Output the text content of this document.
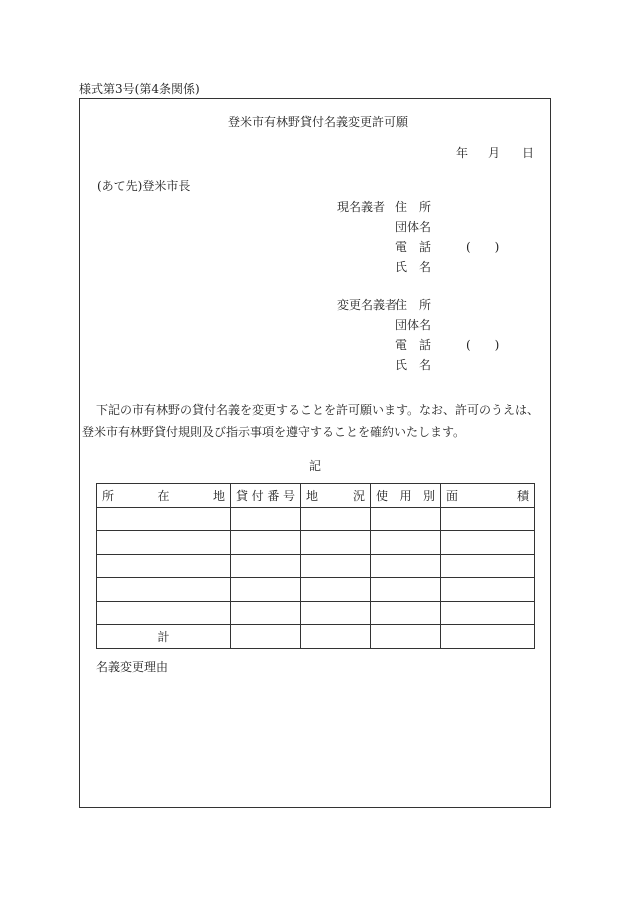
様式第3号(第4条関係)
登米市有林野貸付名義変更許可願
年 月 日
(あて先)登米市長
現名義者 住　所
団体名
電　話	(　　)
氏　名
変更名義者
住　所
団体名
電　話	(　　)
氏　名
下記の市有林野の貸付名義を変更することを許可願います。なお、許可のうえは、登米市有林野貸付規則及び指示事項を遵守することを確約いたします。
記
所 在 地	貸 付 番 号	地 況	使 用 別	面 積

計				
名義変更理由
